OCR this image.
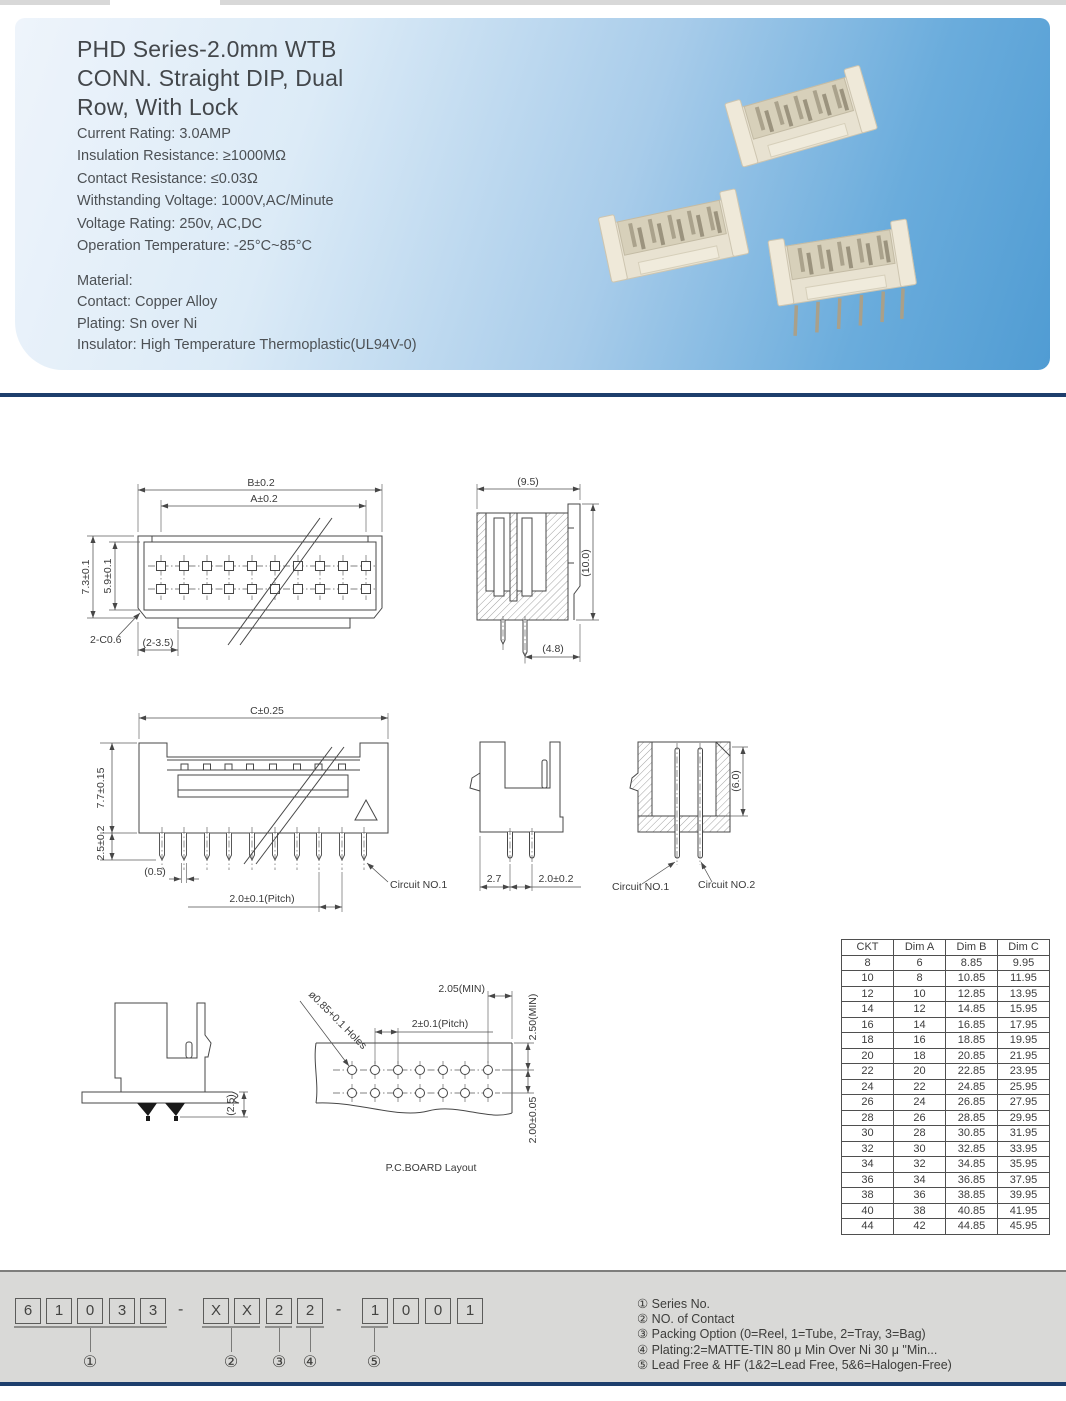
PHD Series-2.0mm WTB
CONN. Straight DIP, Dual
Row, With Lock
Current Rating: 3.0AMP
Insulation Resistance: ≥1000MΩ
Contact Resistance: ≤0.03Ω
Withstanding Voltage: 1000V,AC/Minute
Voltage Rating: 250v, AC,DC
Operation Temperature: -25°C~85°C
Material:
Contact: Copper Alloy
Plating: Sn over Ni
Insulator: High Temperature Thermoplastic(UL94V-0)
B±0.2
A±0.2
7.3±0.1 5.9±0.1
2-C0.6 (2-3.5)
(9.5)
(10.0)
(4.8)
C±0.25
7.7±0.15
2.5±0.2
(0.5)
2.0±0.1(Pitch)
Circuit NO.1	2.7	2.0±0.2
(6.0)
Circuit NO.1	Circuit NO.2
(2.5)
2.05(MIN)
2.50(MIN)
2±0.1(Pitch)
2.00±0.05
ø0.85+0.1 Holes
P.C.BOARD Layout
CKT	Dim A	Dim B	Dim C
8	6	8.85	9.95
10	8	10.85	11.95
12	10	12.85	13.95
14	12	14.85	15.95
16	14	16.85	17.95
18	16	18.85	19.95
20	18	20.85	21.95
22	20	22.85	23.95
24	22	24.85	25.95
26	24	26.85	27.95
28	26	28.85	29.95
30	28	30.85	31.95
32	30	32.85	33.95
34	32	34.85	35.95
36	34	36.85	37.95
38	36	38.85	39.95
40	38	40.85	41.95
44	42	44.85	45.95
6	1	0	3	3	-	X	X	2	2	-	1	0	0	1
①	②	③	④	⑤
① Series No.
② NO. of Contact
③ Packing Option (0=Reel, 1=Tube, 2=Tray, 3=Bag)
④ Plating:2=MATTE-TIN 80 μ Min Over Ni 30 μ "Min...
⑤ Lead Free & HF (1&2=Lead Free, 5&6=Halogen-Free)
